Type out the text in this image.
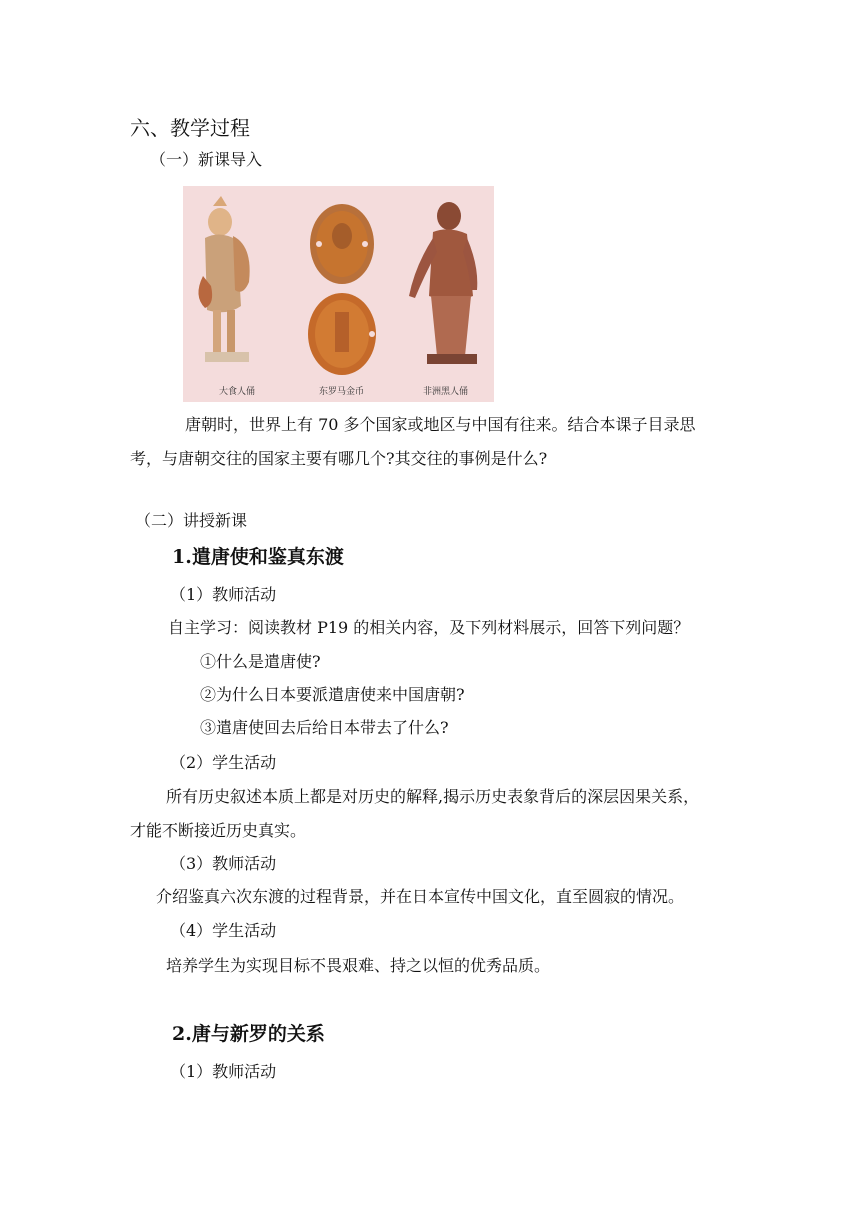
六、教学过程
（一）新课导入
大食人俑	东罗马金币	非洲黑人俑
唐朝时，世界上有 70 多个国家或地区与中国有往来。结合本课子目录思
考，与唐朝交往的国家主要有哪几个?其交往的事例是什么?
（二）讲授新课
1.遣唐使和鉴真东渡
（1）教师活动
自主学习：阅读教材 P19 的相关内容，及下列材料展示，回答下列问题？
①什么是遣唐使?
②为什么日本要派遣唐使来中国唐朝?
③遣唐使回去后给日本带去了什么?
（2）学生活动
所有历史叙述本质上都是对历史的解释,揭示历史表象背后的深层因果关系，
才能不断接近历史真实。
（3）教师活动
介绍鉴真六次东渡的过程背景，并在日本宣传中国文化，直至圆寂的情况。
（4）学生活动
培养学生为实现目标不畏艰难、持之以恒的优秀品质。
2.唐与新罗的关系
（1）教师活动
